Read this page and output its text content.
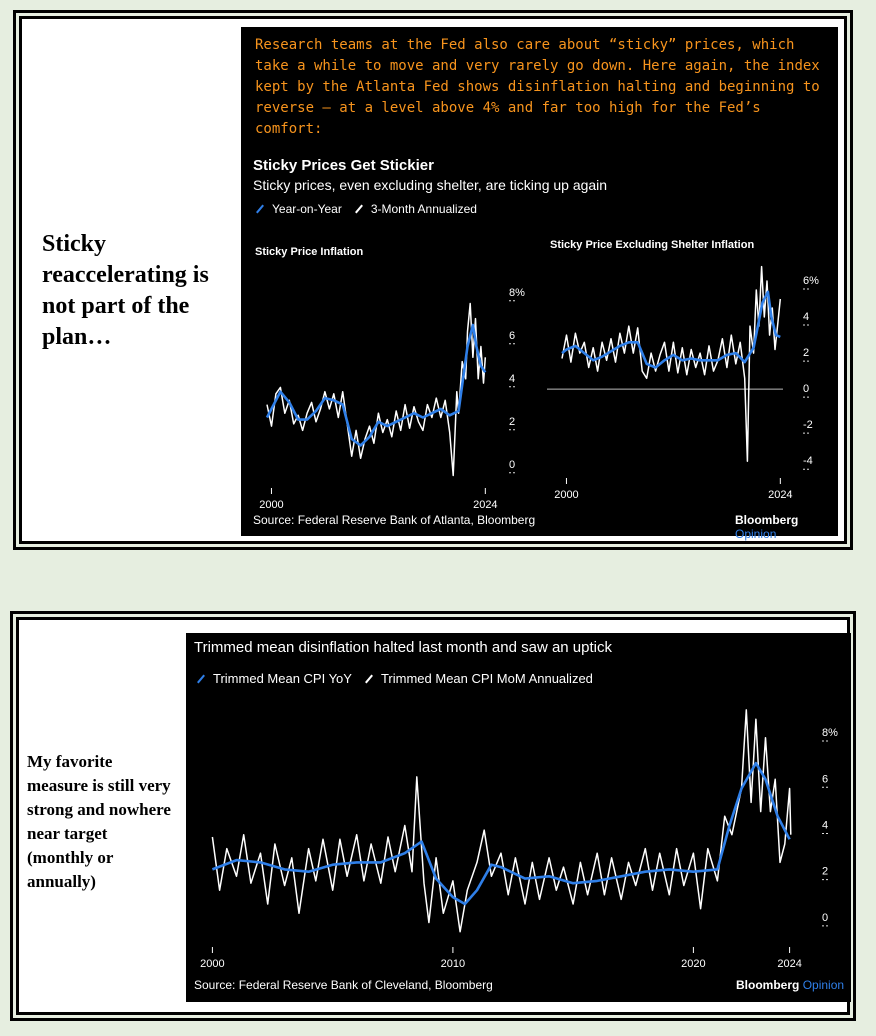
Sticky reaccelerating is not part of the plan…
Research teams at the Fed also care about “sticky” prices, which take a while to move and very rarely go down. Here again, the index kept by the Atlanta Fed shows disinflation halting and beginning to reverse – at a level above 4% and far too high for the Fed’s comfort:
Sticky Prices Get Stickier
Sticky prices, even excluding shelter, are ticking up again
Year-on-Year 3-Month Annualized
Sticky Price Inflation
0
2
4
6
8%
2000	2024
Sticky Price Excluding Shelter Inflation
-4
-2
0
2
4
6%
2000	2024
Source: Federal Reserve Bank of Atlanta, Bloomberg	Bloomberg Opinion
My favorite measure is still very strong and nowhere near target (monthly or annually)
Trimmed mean disinflation halted last month and saw an uptick
Trimmed Mean CPI YoY Trimmed Mean CPI MoM Annualized
0
2
4
6
8%
2000	2010	2020	2024
Source: Federal Reserve Bank of Cleveland, Bloomberg	Bloomberg Opinion
